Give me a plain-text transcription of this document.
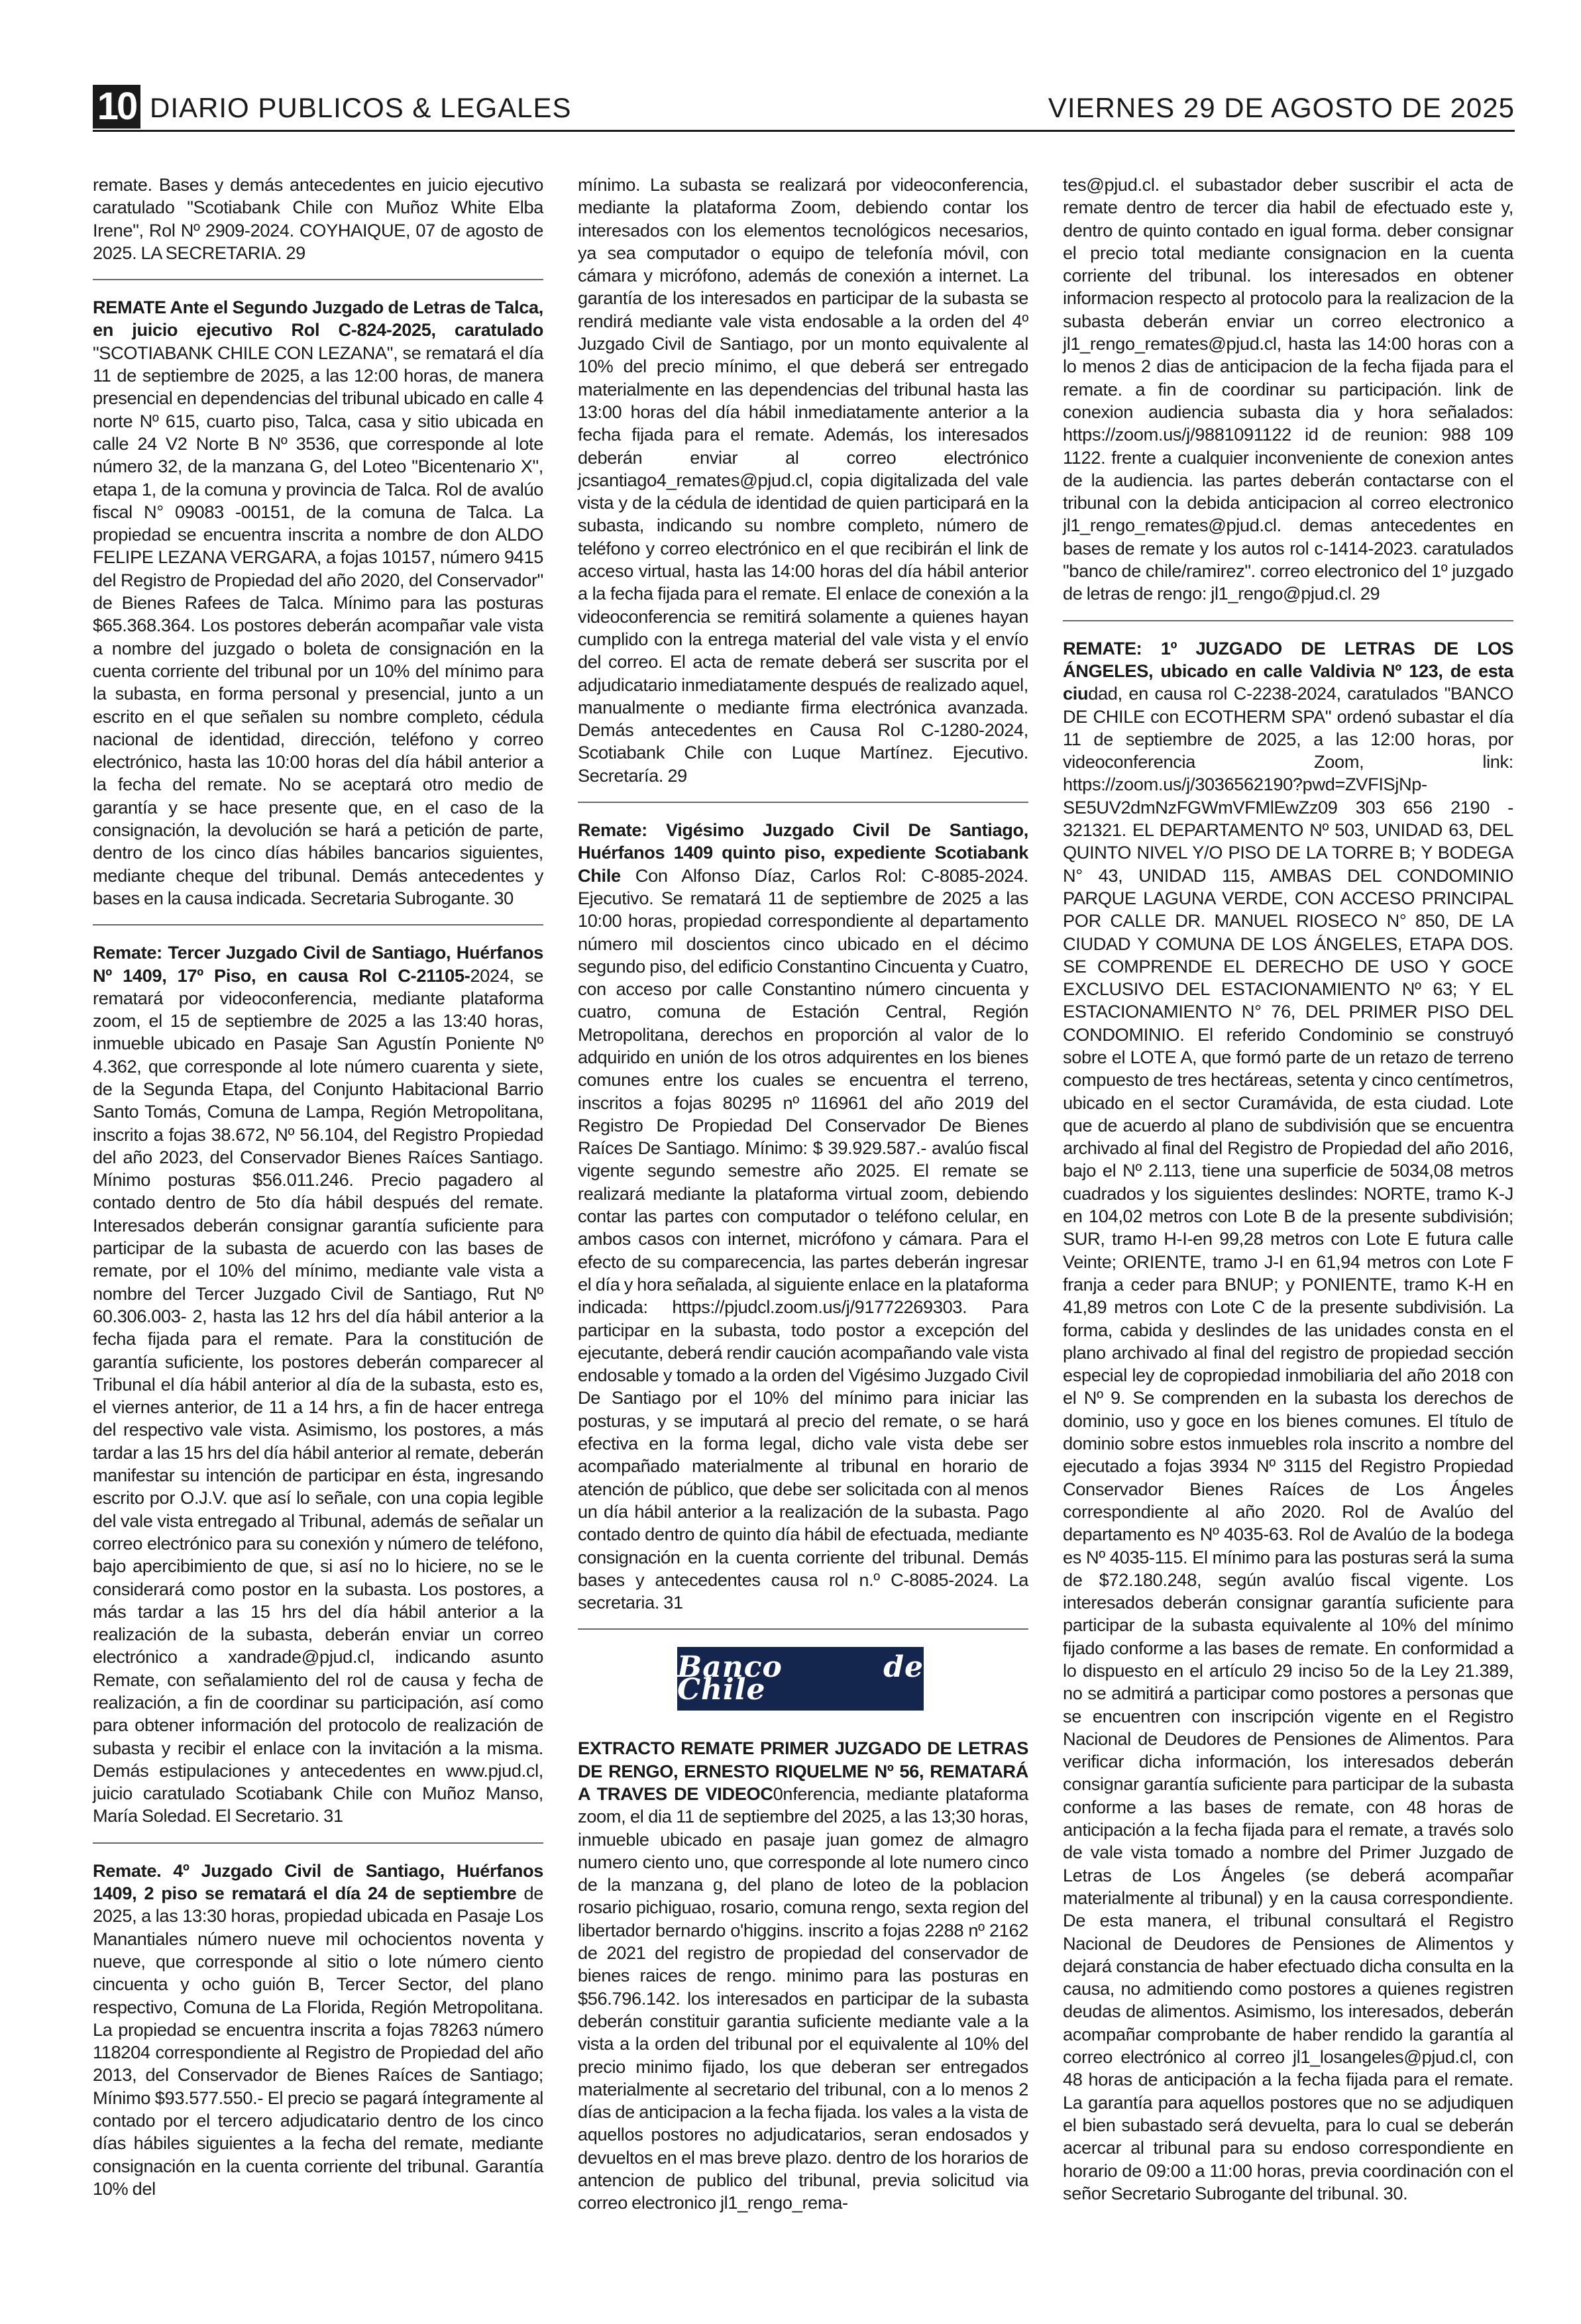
10 DIARIO PUBLICOS & LEGALES	VIERNES 29 DE AGOSTO DE 2025

remate. Bases y demás antecedentes en juicio ejecutivo caratulado "Scotiabank Chile con Muñoz White Elba Irene", Rol Nº 2909-2024. COYHAIQUE, 07 de agosto de 2025. LA SECRETARIA. 29

REMATE Ante el Segundo Juzgado de Letras de Talca, en juicio ejecutivo Rol C-824-2025, caratulado "SCOTIABANK CHILE CON LEZANA", se rematará el día 11 de septiembre de 2025, a las 12:00 horas, de manera presencial en dependencias del tribunal ubicado en calle 4 norte Nº 615, cuarto piso, Talca, casa y sitio ubicada en calle 24 V2 Norte B Nº 3536, que corresponde al lote número 32, de la manzana G, del Loteo "Bicentenario X", etapa 1, de la comuna y provincia de Talca. Rol de avalúo fiscal N° 09083 -00151, de la comuna de Talca. La propiedad se encuentra inscrita a nombre de don ALDO FELIPE LEZANA VERGARA, a fojas 10157, número 9415 del Registro de Propiedad del año 2020, del Conservador" de Bienes Rafees de Talca. Mínimo para las posturas $65.368.364. Los postores deberán acompañar vale vista a nombre del juzgado o boleta de consignación en la cuenta corriente del tribunal por un 10% del mínimo para la subasta, en forma personal y presencial, junto a un escrito en el que señalen su nombre completo, cédula nacional de identidad, dirección, teléfono y correo electrónico, hasta las 10:00 horas del día hábil anterior a la fecha del remate. No se aceptará otro medio de garantía y se hace presente que, en el caso de la consignación, la devolución se hará a petición de parte, dentro de los cinco días hábiles bancarios siguientes, mediante cheque del tribunal. Demás antecedentes y bases en la causa indicada. Secretaria Subrogante. 30

Remate: Tercer Juzgado Civil de Santiago, Huérfanos Nº 1409, 17º Piso, en causa Rol C-21105-2024, se rematará por videoconferencia, mediante plataforma zoom, el 15 de septiembre de 2025 a las 13:40 horas, inmueble ubicado en Pasaje San Agustín Poniente Nº 4.362, que corresponde al lote número cuarenta y siete, de la Segunda Etapa, del Conjunto Habitacional Barrio Santo Tomás, Comuna de Lampa, Región Metropolitana, inscrito a fojas 38.672, Nº 56.104, del Registro Propiedad del año 2023, del Conservador Bienes Raíces Santiago. Mínimo posturas $56.011.246. Precio pagadero al contado dentro de 5to día hábil después del remate. Interesados deberán consignar garantía suficiente para participar de la subasta de acuerdo con las bases de remate, por el 10% del mínimo, mediante vale vista a nombre del Tercer Juzgado Civil de Santiago, Rut Nº 60.306.003- 2, hasta las 12 hrs del día hábil anterior a la fecha fijada para el remate. Para la constitución de garantía suficiente, los postores deberán comparecer al Tribunal el día hábil anterior al día de la subasta, esto es, el viernes anterior, de 11 a 14 hrs, a fin de hacer entrega del respectivo vale vista. Asimismo, los postores, a más tardar a las 15 hrs del día hábil anterior al remate, deberán manifestar su intención de participar en ésta, ingresando escrito por O.J.V. que así lo señale, con una copia legible del vale vista entregado al Tribunal, además de señalar un correo electrónico para su conexión y número de teléfono, bajo apercibimiento de que, si así no lo hiciere, no se le considerará como postor en la subasta. Los postores, a más tardar a las 15 hrs del día hábil anterior a la realización de la subasta, deberán enviar un correo electrónico a xandrade@pjud.cl, indicando asunto Remate, con señalamiento del rol de causa y fecha de realización, a fin de coordinar su participación, así como para obtener información del protocolo de realización de subasta y recibir el enlace con la invitación a la misma. Demás estipulaciones y antecedentes en www.pjud.cl, juicio caratulado Scotiabank Chile con Muñoz Manso, María Soledad. El Secretario. 31

Remate. 4º Juzgado Civil de Santiago, Huérfanos 1409, 2 piso se rematará el día 24 de septiembre de 2025, a las 13:30 horas, propiedad ubicada en Pasaje Los Manantiales número nueve mil ochocientos noventa y nueve, que corresponde al sitio o lote número ciento cincuenta y ocho guión B, Tercer Sector, del plano respectivo, Comuna de La Florida, Región Metropolitana. La propiedad se encuentra inscrita a fojas 78263 número 118204 correspondiente al Registro de Propiedad del año 2013, del Conservador de Bienes Raíces de Santiago; Mínimo $93.577.550.- El precio se pagará íntegramente al contado por el tercero adjudicatario dentro de los cinco días hábiles siguientes a la fecha del remate, mediante consignación en la cuenta corriente del tribunal. Garantía 10% del

mínimo. La subasta se realizará por videoconferencia, mediante la plataforma Zoom, debiendo contar los interesados con los elementos tecnológicos necesarios, ya sea computador o equipo de telefonía móvil, con cámara y micrófono, además de conexión a internet. La garantía de los interesados en participar de la subasta se rendirá mediante vale vista endosable a la orden del 4º Juzgado Civil de Santiago, por un monto equivalente al 10% del precio mínimo, el que deberá ser entregado materialmente en las dependencias del tribunal hasta las 13:00 horas del día hábil inmediatamente anterior a la fecha fijada para el remate. Además, los interesados deberán enviar al correo electrónico jcsantiago4_remates@pjud.cl, copia digitalizada del vale vista y de la cédula de identidad de quien participará en la subasta, indicando su nombre completo, número de teléfono y correo electrónico en el que recibirán el link de acceso virtual, hasta las 14:00 horas del día hábil anterior a la fecha fijada para el remate. El enlace de conexión a la videoconferencia se remitirá solamente a quienes hayan cumplido con la entrega material del vale vista y el envío del correo. El acta de remate deberá ser suscrita por el adjudicatario inmediatamente después de realizado aquel, manualmente o mediante firma electrónica avanzada. Demás antecedentes en Causa Rol C-1280-2024, Scotiabank Chile con Luque Martínez. Ejecutivo. Secretaría. 29

Remate: Vigésimo Juzgado Civil De Santiago, Huérfanos 1409 quinto piso, expediente Scotiabank Chile Con Alfonso Díaz, Carlos Rol: C-8085-2024. Ejecutivo. Se rematará 11 de septiembre de 2025 a las 10:00 horas, propiedad correspondiente al departamento número mil doscientos cinco ubicado en el décimo segundo piso, del edificio Constantino Cincuenta y Cuatro, con acceso por calle Constantino número cincuenta y cuatro, comuna de Estación Central, Región Metropolitana, derechos en proporción al valor de lo adquirido en unión de los otros adquirentes en los bienes comunes entre los cuales se encuentra el terreno, inscritos a fojas 80295 nº 116961 del año 2019 del Registro De Propiedad Del Conservador De Bienes Raíces De Santiago. Mínimo: $ 39.929.587.- avalúo fiscal vigente segundo semestre año 2025. El remate se realizará mediante la plataforma virtual zoom, debiendo contar las partes con computador o teléfono celular, en ambos casos con internet, micrófono y cámara. Para el efecto de su comparecencia, las partes deberán ingresar el día y hora señalada, al siguiente enlace en la plataforma indicada: https://pjudcl.zoom.us/j/91772269303. Para participar en la subasta, todo postor a excepción del ejecutante, deberá rendir caución acompañando vale vista endosable y tomado a la orden del Vigésimo Juzgado Civil De Santiago por el 10% del mínimo para iniciar las posturas, y se imputará al precio del remate, o se hará efectiva en la forma legal, dicho vale vista debe ser acompañado materialmente al tribunal en horario de atención de público, que debe ser solicitada con al menos un día hábil anterior a la realización de la subasta. Pago contado dentro de quinto día hábil de efectuada, mediante consignación en la cuenta corriente del tribunal. Demás bases y antecedentes causa rol n.º C-8085-2024. La secretaria. 31

Banco de Chile

EXTRACTO REMATE PRIMER JUZGADO DE LETRAS DE RENGO, ERNESTO RIQUELME Nº 56, REMATARÁ A TRAVES DE VIDEOC0nferencia, mediante plataforma zoom, el dia 11 de septiembre del 2025, a las 13;30 horas, inmueble ubicado en pasaje juan gomez de almagro numero ciento uno, que corresponde al lote numero cinco de la manzana g, del plano de loteo de la poblacion rosario pichiguao, rosario, comuna rengo, sexta region del libertador bernardo o'higgins. inscrito a fojas 2288 nº 2162 de 2021 del registro de propiedad del conservador de bienes raices de rengo. minimo para las posturas en $56.796.142. los interesados en participar de la subasta deberán constituir garantia suficiente mediante vale a la vista a la orden del tribunal por el equivalente al 10% del precio minimo fijado, los que deberan ser entregados materialmente al secretario del tribunal, con a lo menos 2 días de anticipacion a la fecha fijada. los vales a la vista de aquellos postores no adjudicatarios, seran endosados y devueltos en el mas breve plazo. dentro de los horarios de antencion de publico del tribunal, previa solicitud via correo electronico jl1_rengo_rema-

tes@pjud.cl. el subastador deber suscribir el acta de remate dentro de tercer dia habil de efectuado este y, dentro de quinto contado en igual forma. deber consignar el precio total mediante consignacion en la cuenta corriente del tribunal. los interesados en obtener informacion respecto al protocolo para la realizacion de la subasta deberán enviar un correo electronico a jl1_rengo_remates@pjud.cl, hasta las 14:00 horas con a lo menos 2 dias de anticipacion de la fecha fijada para el remate. a fin de coordinar su participación. link de conexion audiencia subasta dia y hora señalados: https://zoom.us/j/9881091122 id de reunion: 988 109 1122. frente a cualquier inconveniente de conexion antes de la audiencia. las partes deberán contactarse con el tribunal con la debida anticipacion al correo electronico jl1_rengo_remates@pjud.cl. demas antecedentes en bases de remate y los autos rol c-1414-2023. caratulados "banco de chile/ramirez". correo electronico del 1º juzgado de letras de rengo: jl1_rengo@pjud.cl. 29

REMATE: 1º JUZGADO DE LETRAS DE LOS ÁNGELES, ubicado en calle Valdivia Nº 123, de esta ciudad, en causa rol C-2238-2024, caratulados "BANCO DE CHILE con ECOTHERM SPA" ordenó subastar el día 11 de septiembre de 2025, a las 12:00 horas, por videoconferencia Zoom, link: https://zoom.us/j/3036562190?pwd=ZVFISjNp-SE5UV2dmNzFGWmVFMlEwZz09 303 656 2190 - 321321. EL DEPARTAMENTO Nº 503, UNIDAD 63, DEL QUINTO NIVEL Y/O PISO DE LA TORRE B; Y BODEGA N° 43, UNIDAD 115, AMBAS DEL CONDOMINIO PARQUE LAGUNA VERDE, CON ACCESO PRINCIPAL POR CALLE DR. MANUEL RIOSECO N° 850, DE LA CIUDAD Y COMUNA DE LOS ÁNGELES, ETAPA DOS. SE COMPRENDE EL DERECHO DE USO Y GOCE EXCLUSIVO DEL ESTACIONAMIENTO Nº 63; Y EL ESTACIONAMIENTO N° 76, DEL PRIMER PISO DEL CONDOMINIO. El referido Condominio se construyó sobre el LOTE A, que formó parte de un retazo de terreno compuesto de tres hectáreas, setenta y cinco centímetros, ubicado en el sector Curamávida, de esta ciudad. Lote que de acuerdo al plano de subdivisión que se encuentra archivado al final del Registro de Propiedad del año 2016, bajo el Nº 2.113, tiene una superficie de 5034,08 metros cuadrados y los siguientes deslindes: NORTE, tramo K-J en 104,02 metros con Lote B de la presente subdivisión; SUR, tramo H-I-en 99,28 metros con Lote E futura calle Veinte; ORIENTE, tramo J-I en 61,94 metros con Lote F franja a ceder para BNUP; y PONIENTE, tramo K-H en 41,89 metros con Lote C de la presente subdivisión. La forma, cabida y deslindes de las unidades consta en el plano archivado al final del registro de propiedad sección especial ley de copropiedad inmobiliaria del año 2018 con el Nº 9. Se comprenden en la subasta los derechos de dominio, uso y goce en los bienes comunes. El título de dominio sobre estos inmuebles rola inscrito a nombre del ejecutado a fojas 3934 Nº 3115 del Registro Propiedad Conservador Bienes Raíces de Los Ángeles correspondiente al año 2020. Rol de Avalúo del departamento es Nº 4035-63. Rol de Avalúo de la bodega es Nº 4035-115. El mínimo para las posturas será la suma de $72.180.248, según avalúo fiscal vigente. Los interesados deberán consignar garantía suficiente para participar de la subasta equivalente al 10% del mínimo fijado conforme a las bases de remate. En conformidad a lo dispuesto en el artículo 29 inciso 5o de la Ley 21.389, no se admitirá a participar como postores a personas que se encuentren con inscripción vigente en el Registro Nacional de Deudores de Pensiones de Alimentos. Para verificar dicha información, los interesados deberán consignar garantía suficiente para participar de la subasta conforme a las bases de remate, con 48 horas de anticipación a la fecha fijada para el remate, a través solo de vale vista tomado a nombre del Primer Juzgado de Letras de Los Ángeles (se deberá acompañar materialmente al tribunal) y en la causa correspondiente. De esta manera, el tribunal consultará el Registro Nacional de Deudores de Pensiones de Alimentos y dejará constancia de haber efectuado dicha consulta en la causa, no admitiendo como postores a quienes registren deudas de alimentos. Asimismo, los interesados, deberán acompañar comprobante de haber rendido la garantía al correo electrónico al correo jl1_losangeles@pjud.cl, con 48 horas de anticipación a la fecha fijada para el remate. La garantía para aquellos postores que no se adjudiquen el bien subastado será devuelta, para lo cual se deberán acercar al tribunal para su endoso correspondiente en horario de 09:00 a 11:00 horas, previa coordinación con el señor Secretario Subrogante del tribunal. 30.
